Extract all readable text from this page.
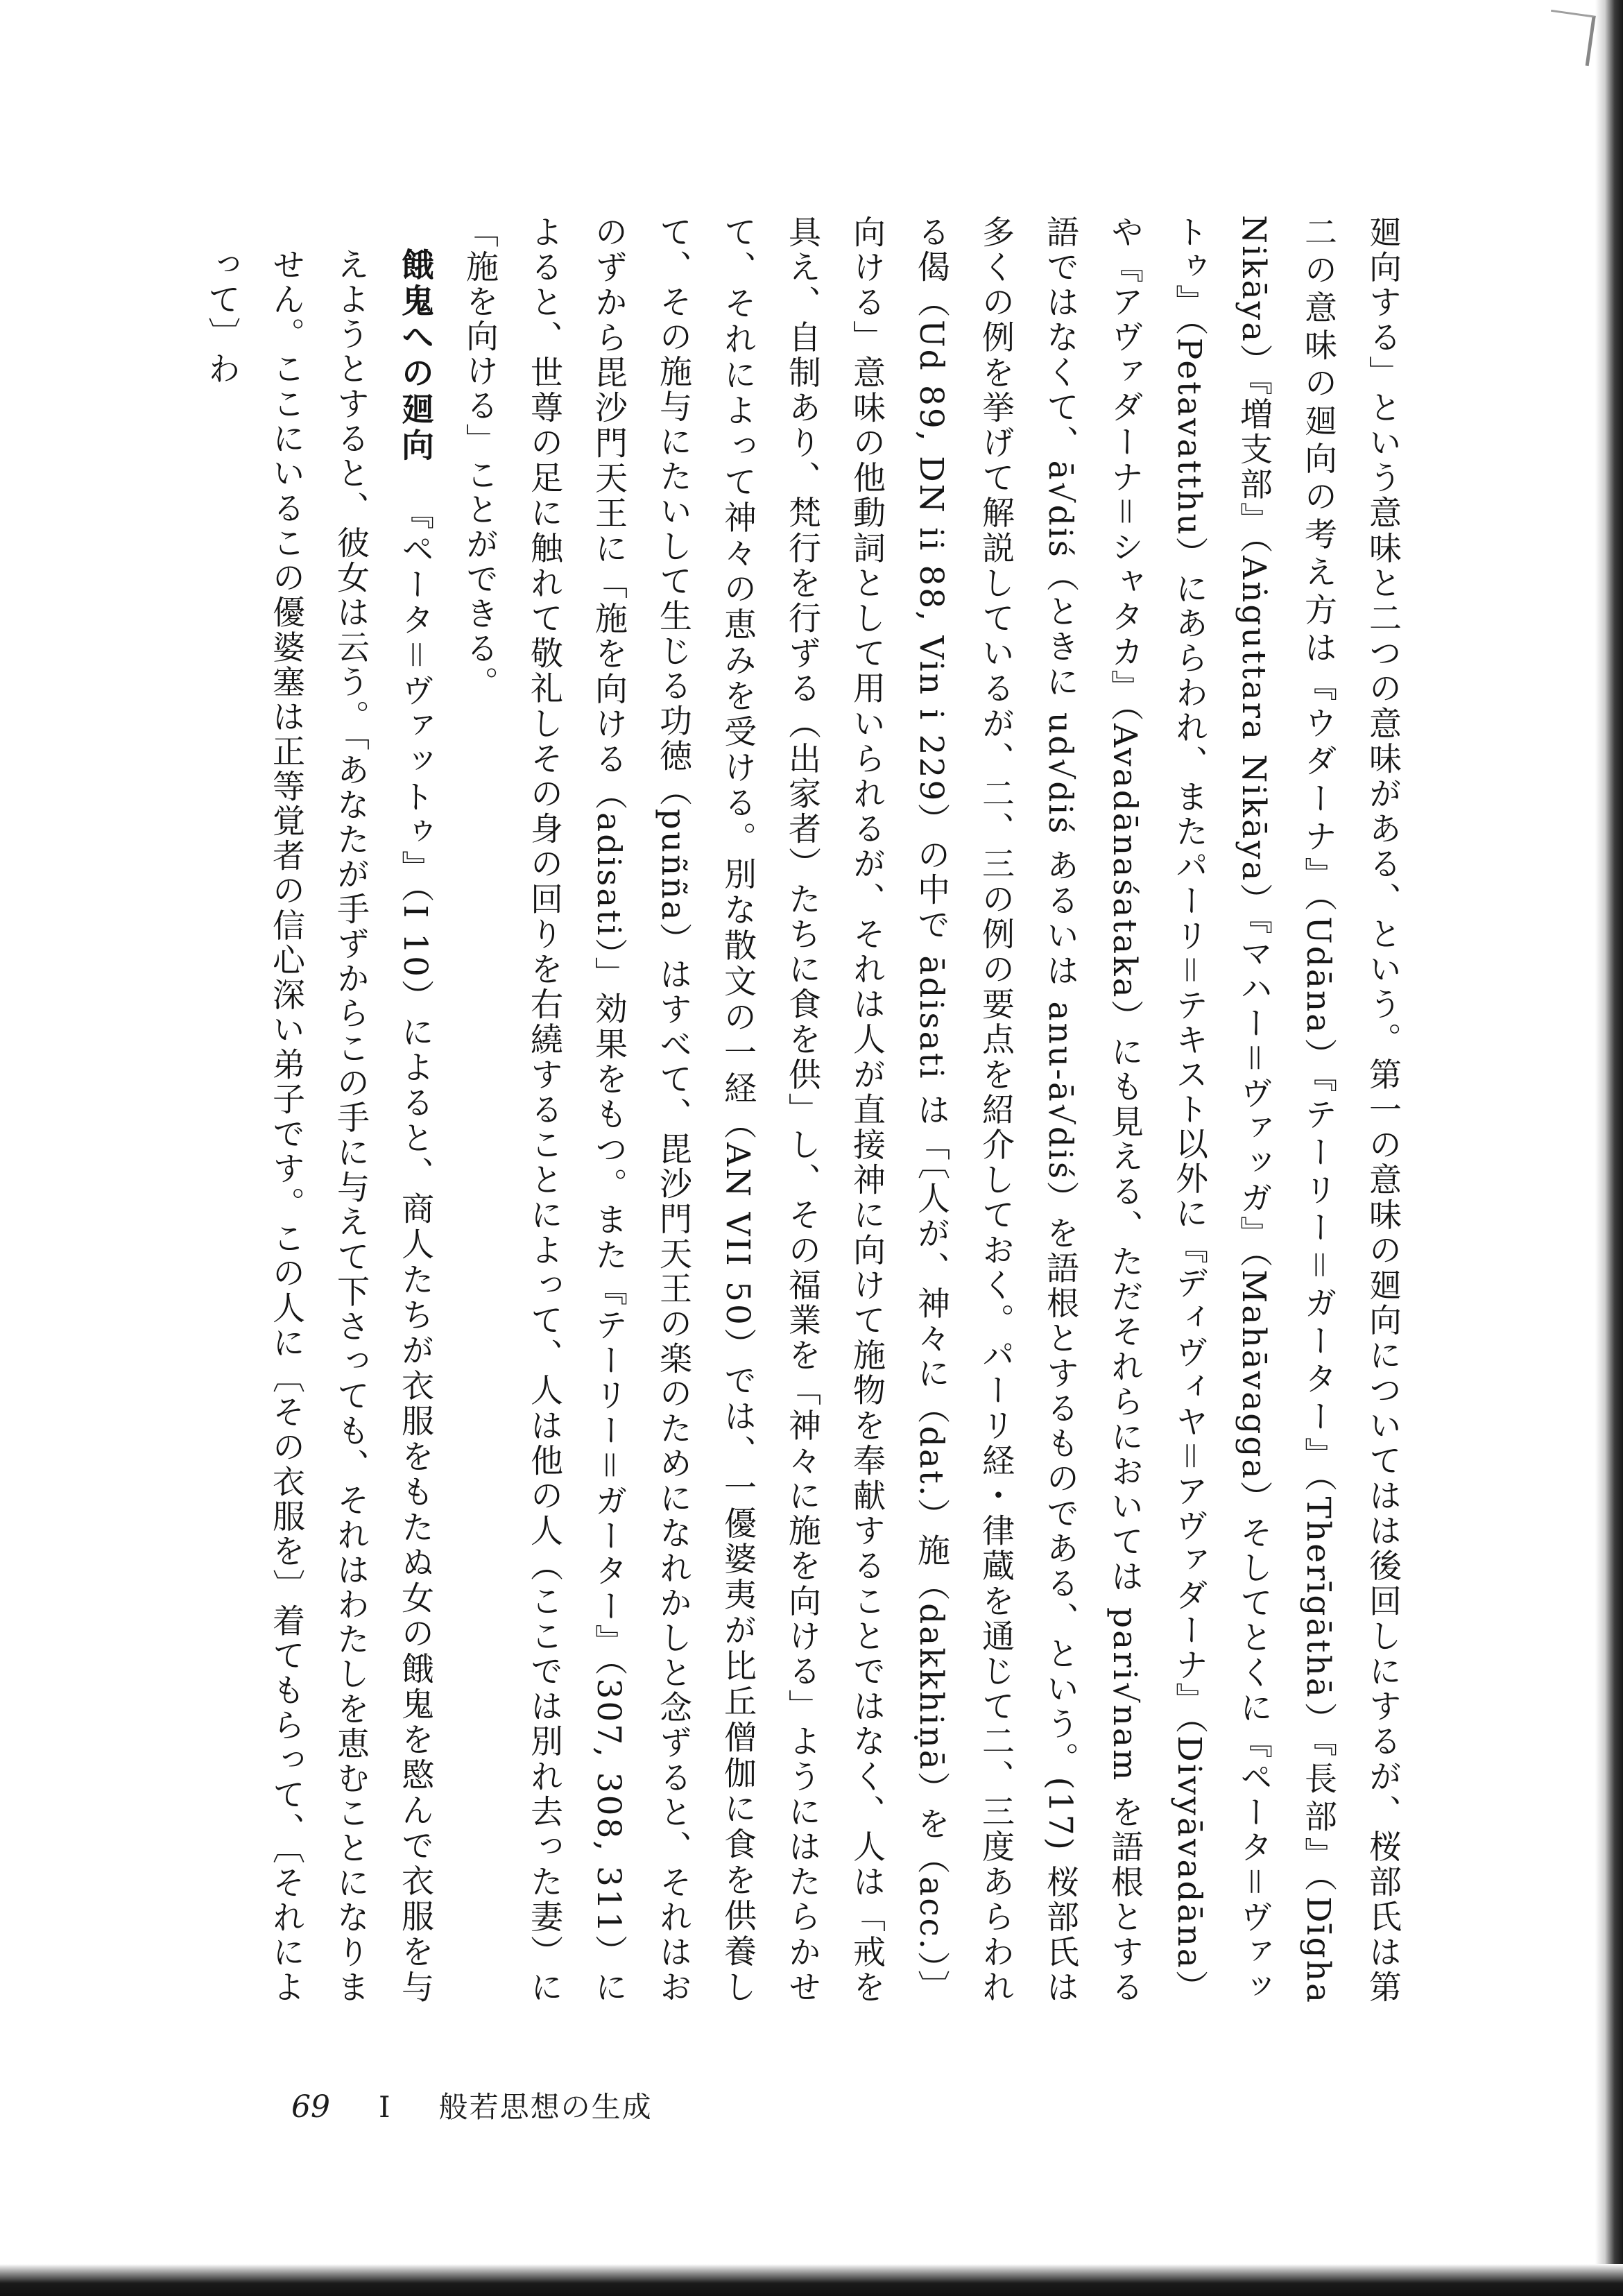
廻向する」という意味と二つの意味がある、という。第一の意味の廻向についてはは後回しにするが、桜部氏は第二の意味の廻向の考え方は『ウダーナ』（Udāna）『テーリー＝ガーター』（Therīgāthā）『長部』（Dīgha Nikāya）『増支部』（Aṅguttara Nikāya）『マハー＝ヴァッガ』（Mahāvagga）そしてとくに『ペータ＝ヴァットゥ』（Petavatthu）にあらわれ、またパーリ＝テキスト以外に『ディヴィヤ＝アヴァダーナ』（Divyāvadāna）や『アヴァダーナ＝シャタカ』（Avadānaśataka）にも見える、ただそれらにおいては pari√nam を語根とする語ではなくて、ā√diś（ときに ud√diś あるいは anu-ā√diś）を語根とするものである、という。(17) 桜部氏は多くの例を挙げて解説しているが、二、三の例の要点を紹介しておく。パーリ経・律蔵を通じて二、三度あらわれる偈（Ud 89, DN ii 88, Vin i 229）の中で ādisati は「〔人が、神々に（dat.）施（dakkhiṇā）を（acc.）〕向ける」意味の他動詞として用いられるが、それは人が直接神に向けて施物を奉献することではなく、人は「戒を具え、自制あり、梵行を行ずる（出家者）たちに食を供」し、その福業を「神々に施を向ける」ようにはたらかせて、それによって神々の恵みを受ける。別な散文の一経（AN VII 50）では、一優婆夷が比丘僧伽に食を供養して、その施与にたいして生じる功徳（puñña）はすべて、毘沙門天王の楽のためになれかしと念ずると、それはおのずから毘沙門天王に「施を向ける（adisati）」効果をもつ。また『テーリー＝ガーター』（307, 308, 311）によると、世尊の足に触れて敬礼しその身の回りを右繞することによって、人は他の人（ここでは別れ去った妻）に「施を向ける」ことができる。

餓鬼への廻向 『ペータ＝ヴァットゥ』（I 10）によると、商人たちが衣服をもたぬ女の餓鬼を愍んで衣服を与えようとすると、彼女は云う。「あなたが手ずからこの手に与えて下さっても、それはわたしを恵むことになりません。ここにいるこの優婆塞は正等覚者の信心深い弟子です。この人に〔その衣服を〕着てもらって、〔それによって〕わ

69 I 般若思想の生成
